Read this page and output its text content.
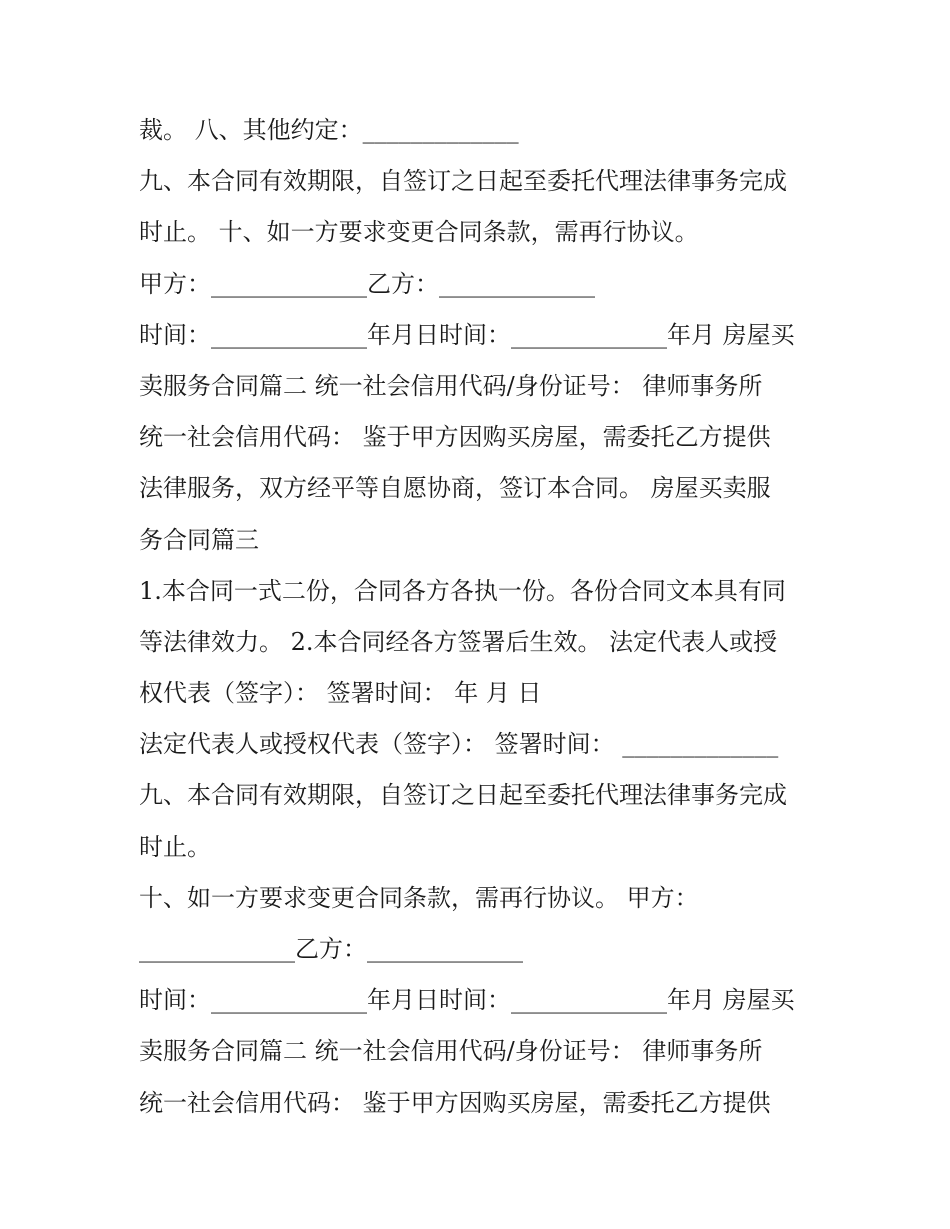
裁。 八、其他约定：_____________
九、本合同有效期限，自签订之日起至委托代理法律事务完成
时止。 十、如一方要求变更合同条款，需再行协议。
甲方：_____________乙方：_____________
时间：_____________年月日时间：_____________年月 房屋买
卖服务合同篇二 统一社会信用代码/身份证号： 律师事务所
统一社会信用代码： 鉴于甲方因购买房屋，需委托乙方提供
法律服务，双方经平等自愿协商，签订本合同。 房屋买卖服
务合同篇三
1.本合同一式二份，合同各方各执一份。各份合同文本具有同
等法律效力。 2.本合同经各方签署后生效。 法定代表人或授
权代表（签字）： 签署时间： 年 月 日
法定代表人或授权代表（签字）： 签署时间： _____________
九、本合同有效期限，自签订之日起至委托代理法律事务完成
时止。
十、如一方要求变更合同条款，需再行协议。 甲方：
_____________乙方：_____________
时间：_____________年月日时间：_____________年月 房屋买
卖服务合同篇二 统一社会信用代码/身份证号： 律师事务所
统一社会信用代码： 鉴于甲方因购买房屋，需委托乙方提供
